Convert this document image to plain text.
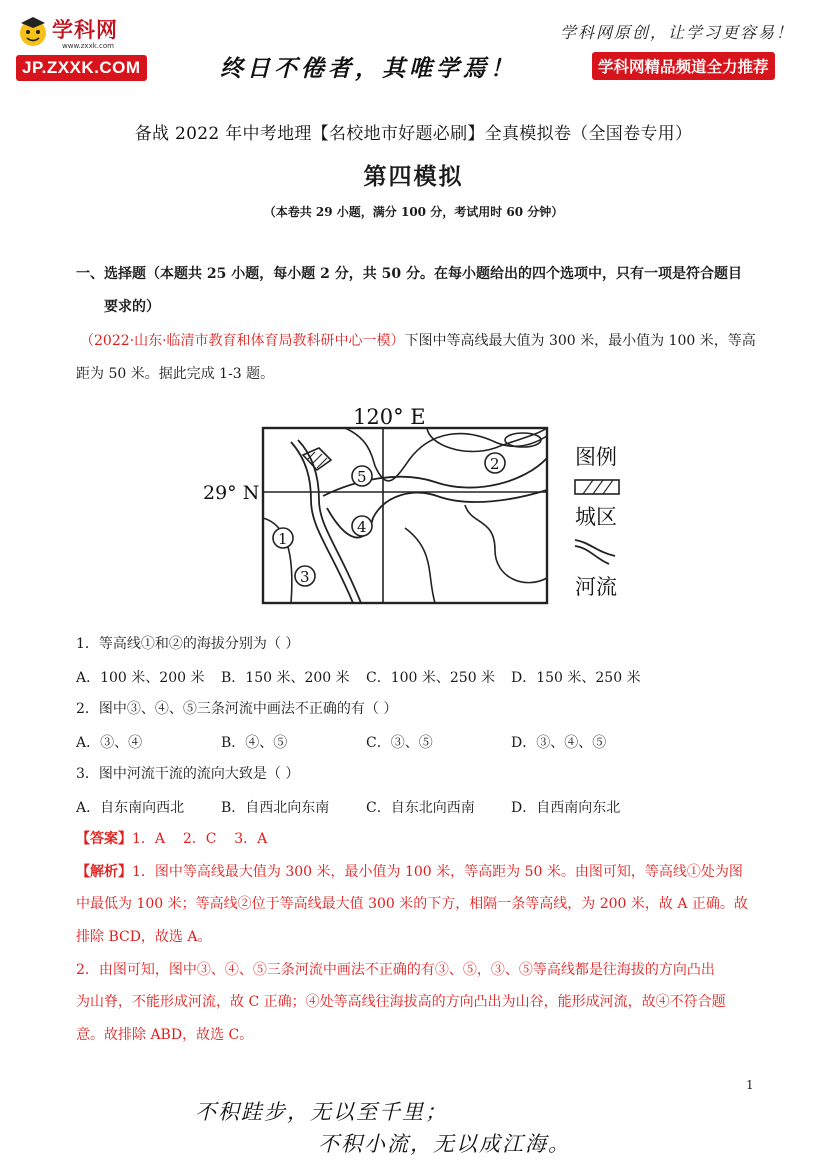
学科网
www.zxxk.com
JP.ZXXK.COM	终日不倦者，其唯学焉！
学科网原创，让学习更容易！
学科网精品频道全力推荐
备战 2022 年中考地理【名校地市好题必刷】全真模拟卷（全国卷专用）
第四模拟
（本卷共 29 小题，满分 100 分，考试用时 60 分钟）
一、选择题（本题共 25 小题，每小题 2 分，共 50 分。在每小题给出的四个选项中，只有一项是符合题目
要求的）
（2022·山东·临清市教育和体育局教科研中心一模）下图中等高线最大值为 300 米，最小值为 100 米，等高
距为 50 米。据此完成 1-3 题。
120° E
29° N
1
2
3
4
5
图例
城区
河流
1．等高线①和②的海拔分别为（ ）
A．100 米、200 米 B．150 米、200 米 C．100 米、250 米 D．150 米、250 米
2．图中③、④、⑤三条河流中画法不正确的有（ ）
A．③、④	B．④、⑤	C．③、⑤	D．③、④、⑤
3．图中河流干流的流向大致是（ ）
A．自东南向西北	B．自西北向东南	C．自东北向西南	D．自西南向东北
【答案】1．A    2．C    3．A
【解析】1．图中等高线最大值为 300 米，最小值为 100 米，等高距为 50 米。由图可知，等高线①处为图
中最低为 100 米；等高线②位于等高线最大值 300 米的下方，相隔一条等高线，为 200 米，故 A 正确。故
排除 BCD，故选 A。
2．由图可知，图中③、④、⑤三条河流中画法不正确的有③、⑤，③、⑤等高线都是往海拔的方向凸出
为山脊，不能形成河流，故 C 正确；④处等高线往海拔高的方向凸出为山谷，能形成河流，故④不符合题
意。故排除 ABD，故选 C。
1
不积跬步，无以至千里；
不积小流，无以成江海。
